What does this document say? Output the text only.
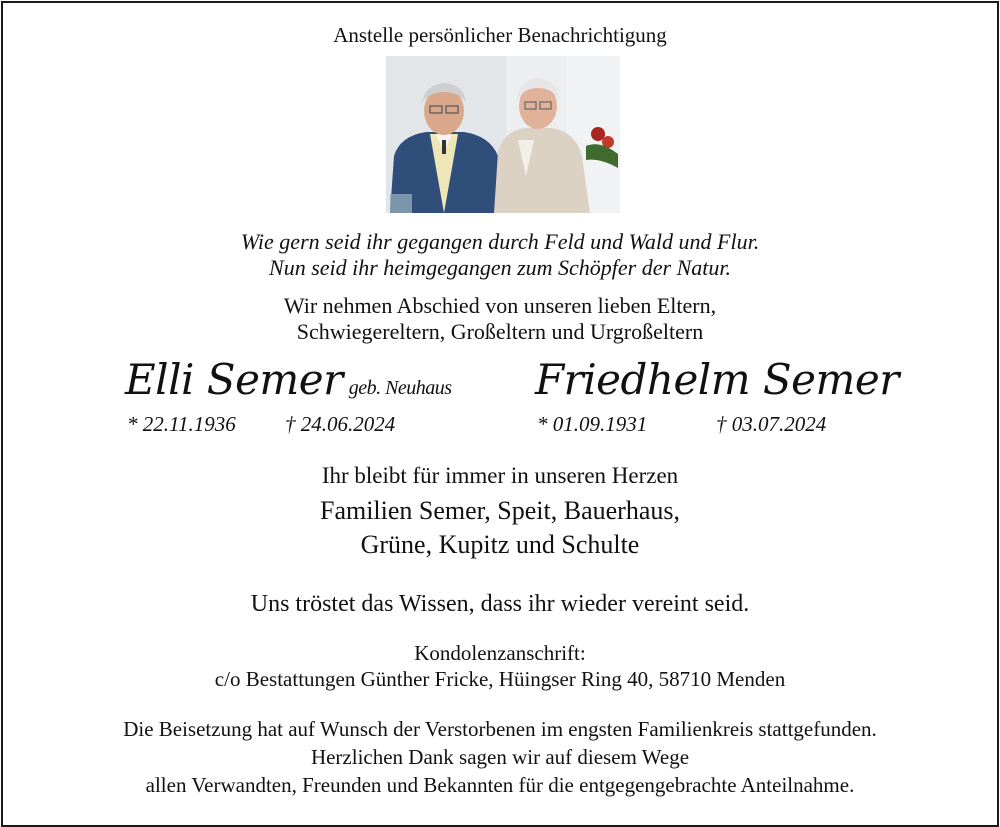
Anstelle persönlicher Benachrichtigung
Wie gern seid ihr gegangen durch Feld und Wald und Flur.
Nun seid ihr heimgegangen zum Schöpfer der Natur.
Wir nehmen Abschied von unseren lieben Eltern,
Schwiegereltern, Großeltern und Urgroßeltern
Elli Semer geb. Neuhaus Friedhelm Semer
* 22.11.1936 † 24.06.2024	* 01.09.1931	† 03.07.2024
Ihr bleibt für immer in unseren Herzen
Familien Semer, Speit, Bauerhaus,
Grüne, Kupitz und Schulte
Uns tröstet das Wissen, dass ihr wieder vereint seid.
Kondolenzanschrift:
c/o Bestattungen Günther Fricke, Hüingser Ring 40, 58710 Menden
Die Beisetzung hat auf Wunsch der Verstorbenen im engsten Familienkreis stattgefunden.
Herzlichen Dank sagen wir auf diesem Wege
allen Verwandten, Freunden und Bekannten für die entgegengebrachte Anteilnahme.
